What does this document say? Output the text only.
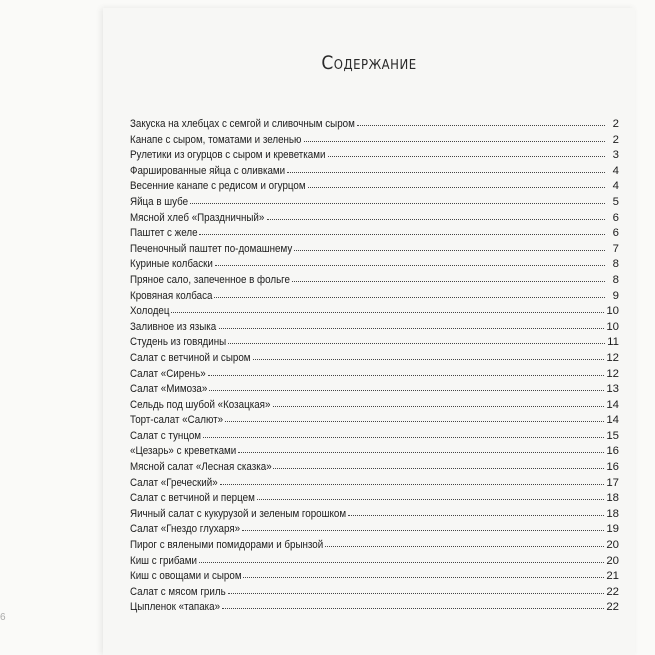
6
Содержание
Закуска на хлебцах с семгой и сливочным сыром	2
Канапе с сыром, томатами и зеленью	2
Рулетики из огурцов с сыром и креветками	3
Фаршированные яйца с оливками	4
Весенние канапе с редисом и огурцом	4
Яйца в шубе	5
Мясной хлеб «Праздничный»	6
Паштет с желе	6
Печеночный паштет по-домашнему	7
Куриные колбаски	8
Пряное сало, запеченное в фольге	8
Кровяная колбаса	9
Холодец	10
Заливное из языка	10
Студень из говядины	11
Салат с ветчиной и сыром	12
Салат «Сирень»	12
Салат «Мимоза»	13
Сельдь под шубой «Козацкая»	14
Торт-салат «Салют»	14
Салат с тунцом	15
«Цезарь» с креветками	16
Мясной салат «Лесная сказка»	16
Салат «Греческий»	17
Салат с ветчиной и перцем	18
Яичный салат с кукурузой и зеленым горошком	18
Салат «Гнездо глухаря»	19
Пирог с вялеными помидорами и брынзой	20
Киш с грибами	20
Киш с овощами и сыром	21
Салат с мясом гриль	22
Цыпленок «тапака»	22
